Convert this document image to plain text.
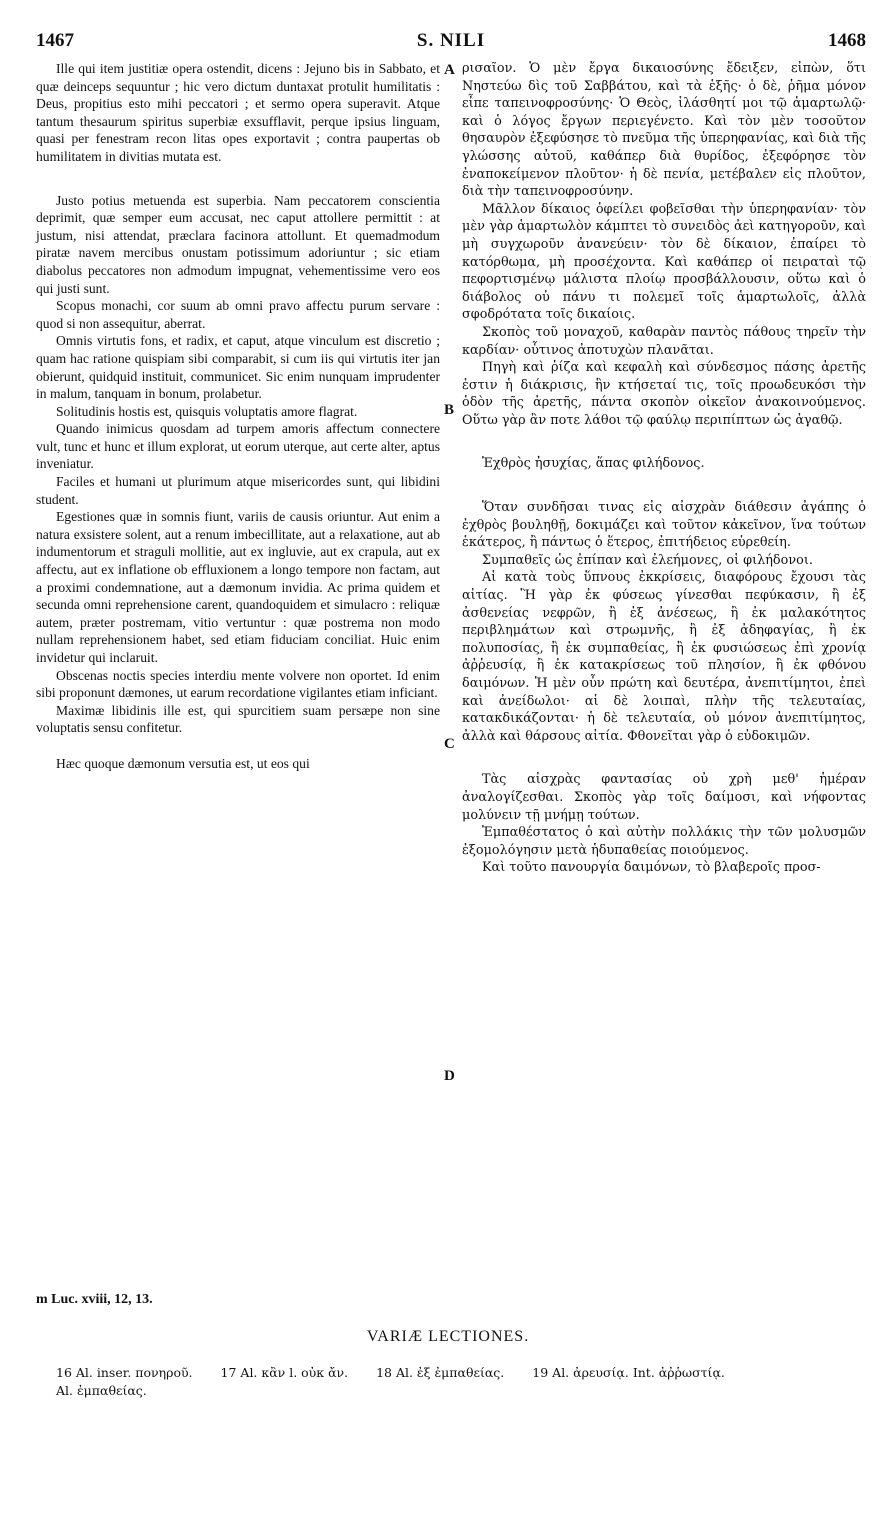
1467	S. NILI	1468

Ille qui item justitiæ opera ostendit, dicens : Jejuno bis in Sabbato, et quæ deinceps sequuntur ; hic vero dictum duntaxat protulit humilitatis : Deus, propitius esto mihi peccatori ; et sermo opera superavit. Atque tantum thesaurum spiritus superbiæ exsufflavit, perque ipsius linguam, quasi per fenestram recon litas opes exportavit ; contra paupertas ob humilitatem in divitias mutata est.

Justo potius metuenda est superbia. Nam peccatorem conscientia deprimit, quæ semper eum accusat, nec caput attollere permittit : at justum, nisi attendat, præclara facinora attollunt. Et quemadmodum piratæ navem mercibus onustam potissimum adoriuntur ; sic etiam diabolus peccatores non admodum impugnat, vehementissime vero eos qui justi sunt.

Scopus monachi, cor suum ab omni pravo affectu purum servare : quod si non assequitur, aberrat.

Omnis virtutis fons, et radix, et caput, atque vinculum est discretio ; quam hac ratione quispiam sibi comparabit, si cum iis qui virtutis iter jan obierunt, quidquid instituit, communicet. Sic enim nunquam imprudenter in malum, tanquam in bonum, prolabetur.

Solitudinis hostis est, quisquis voluptatis amore flagrat.

Quando inimicus quosdam ad turpem amoris affectum connectere vult, tunc et hunc et illum explorat, ut eorum uterque, aut certe alter, aptus inveniatur.

Faciles et humani ut plurimum atque misericordes sunt, qui libidini student.

Egestiones quæ in somnis fiunt, variis de causis oriuntur. Aut enim a natura exsistere solent, aut a renum imbecillitate, aut a relaxatione, aut ab indumentorum et straguli mollitie, aut ex ingluvie, aut ex crapula, aut ex affectu, aut ex inflatione ob effluxionem a longo tempore non factam, aut a proximi condemnatione, aut a dæmonum invidia. Ac prima quidem et secunda omni reprehensione carent, quandoquidem et simulacro : reliquæ autem, præter postremam, vitio vertuntur : quæ postrema non modo nullam reprehensionem habet, sed etiam fiduciam conciliat. Huic enim invidetur qui inclaruit.

Obscenas noctis species interdiu mente volvere non oportet. Id enim sibi proponunt dæmones, ut earum recordatione vigilantes etiam inficiant.

Maximæ libidinis ille est, qui spurcitiem suam persæpe non sine voluptatis sensu confitetur.

Hæc quoque dæmonum versutia est, ut eos qui

A
B
C
D

ρισαῖον. Ὁ μὲν ἔργα δικαιοσύνης ἔδειξεν, εἰπὼν, ὅτι Νηστεύω δὶς τοῦ Σαββάτου, καὶ τὰ ἑξῆς· ὁ δὲ, ῥῆμα μόνον εἶπε ταπεινοφροσύνης· Ὁ Θεὸς, ἱλάσθητί μοι τῷ ἁμαρτωλῷ· καὶ ὁ λόγος ἔργων περιεγένετο. Καὶ τὸν μὲν τοσοῦτον θησαυρὸν ἐξεφύσησε τὸ πνεῦμα τῆς ὑπερηφανίας, καὶ διὰ τῆς γλώσσης αὐτοῦ, καθάπερ διὰ θυρίδος, ἐξεφόρησε τὸν ἐναποκείμενον πλοῦτον· ἡ δὲ πενία, μετέβαλεν εἰς πλοῦτον, διὰ τὴν ταπεινοφροσύνην.

Μᾶλλον δίκαιος ὀφείλει φοβεῖσθαι τὴν ὑπερηφανίαν· τὸν μὲν γὰρ ἁμαρτωλὸν κάμπτει τὸ συνειδὸς ἀεὶ κατηγοροῦν, καὶ μὴ συγχωροῦν ἀνανεύειν· τὸν δὲ δίκαιον, ἐπαίρει τὸ κατόρθωμα, μὴ προσέχοντα. Καὶ καθάπερ οἱ πειραταὶ τῷ πεφορτισμένῳ μάλιστα πλοίῳ προσβάλλουσιν, οὕτω καὶ ὁ διάβολος οὐ πάνυ τι πολεμεῖ τοῖς ἁμαρτωλοῖς, ἀλλὰ σφοδρότατα τοῖς δικαίοις.

Σκοπὸς τοῦ μοναχοῦ, καθαρὰν παντὸς πάθους τηρεῖν τὴν καρδίαν· οὗτινος ἀποτυχὼν πλανᾶται.

Πηγὴ καὶ ῥίζα καὶ κεφαλὴ καὶ σύνδεσμος πάσης ἀρετῆς ἐστιν ἡ διάκρισις, ἣν κτήσεταί τις, τοῖς προωδευκόσι τὴν ὁδὸν τῆς ἀρετῆς, πάντα σκοπὸν οἰκεῖον ἀνακοινούμενος. Οὕτω γὰρ ἂν ποτε λάθοι τῷ φαύλῳ περιπίπτων ὡς ἀγαθῷ.

Ἐχθρὸς ἡσυχίας, ἅπας φιλήδονος.

Ὅταν συνδῆσαι τινας εἰς αἰσχρὰν διάθεσιν ἀγάπης ὁ ἐχθρὸς βουληθῇ, δοκιμάζει καὶ τοῦτον κἀκεῖνον, ἵνα τούτων ἑκάτερος, ἢ πάντως ὁ ἕτερος, ἐπιτήδειος εὑρεθείη.

Συμπαθεῖς ὡς ἐπίπαν καὶ ἐλεήμονες, οἱ φιλήδονοι.

Αἱ κατὰ τοὺς ὕπνους ἐκκρίσεις, διαφόρους ἔχουσι τὰς αἰτίας. Ἢ γὰρ ἐκ φύσεως γίνεσθαι πεφύκασιν, ἢ ἐξ ἀσθενείας νεφρῶν, ἢ ἐξ ἀνέσεως, ἢ ἐκ μαλακότητος περιβλημάτων καὶ στρωμνῆς, ἢ ἐξ ἀδηφαγίας, ἢ ἐκ πολυποσίας, ἢ ἐκ συμπαθείας, ἢ ἐκ φυσιώσεως ἐπὶ χρονίᾳ ἀῤῥευσίᾳ, ἢ ἐκ κατακρίσεως τοῦ πλησίον, ἢ ἐκ φθόνου δαιμόνων. Ἡ μὲν οὖν πρώτη καὶ δευτέρα, ἀνεπιτίμητοι, ἐπεὶ καὶ ἀνείδωλοι· αἱ δὲ λοιπαὶ, πλὴν τῆς τελευταίας, κατακδικάζονται· ἡ δὲ τελευταία, οὐ μόνον ἀνεπιτίμητος, ἀλλὰ καὶ θάρσους αἰτία. Φθονεῖται γὰρ ὁ εὐδοκιμῶν.

Τὰς αἰσχρὰς φαντασίας οὐ χρὴ μεθ' ἡμέραν ἀναλογίζεσθαι. Σκοπὸς γὰρ τοῖς δαίμοσι, καὶ νήφοντας μολύνειν τῇ μνήμῃ τούτων.

Ἐμπαθέστατος ὁ καὶ αὐτὴν πολλάκις τὴν τῶν μολυσμῶν ἐξομολόγησιν μετὰ ἡδυπαθείας ποιούμενος.

Καὶ τοῦτο πανουργία δαιμόνων, τὸ βλαβεροῖς προσ-

m Luc. xviii, 12, 13.
VARIÆ LECTIONES.
16 Al. inser. πονηροῦ. 17 Al. κἂν l. οὐκ ἄν. 18 Al. ἐξ ἐμπαθείας. 19 Al. ἀρευσίᾳ. Int. ἀῤῥωστίᾳ.
Al. ἐμπαθείας.
